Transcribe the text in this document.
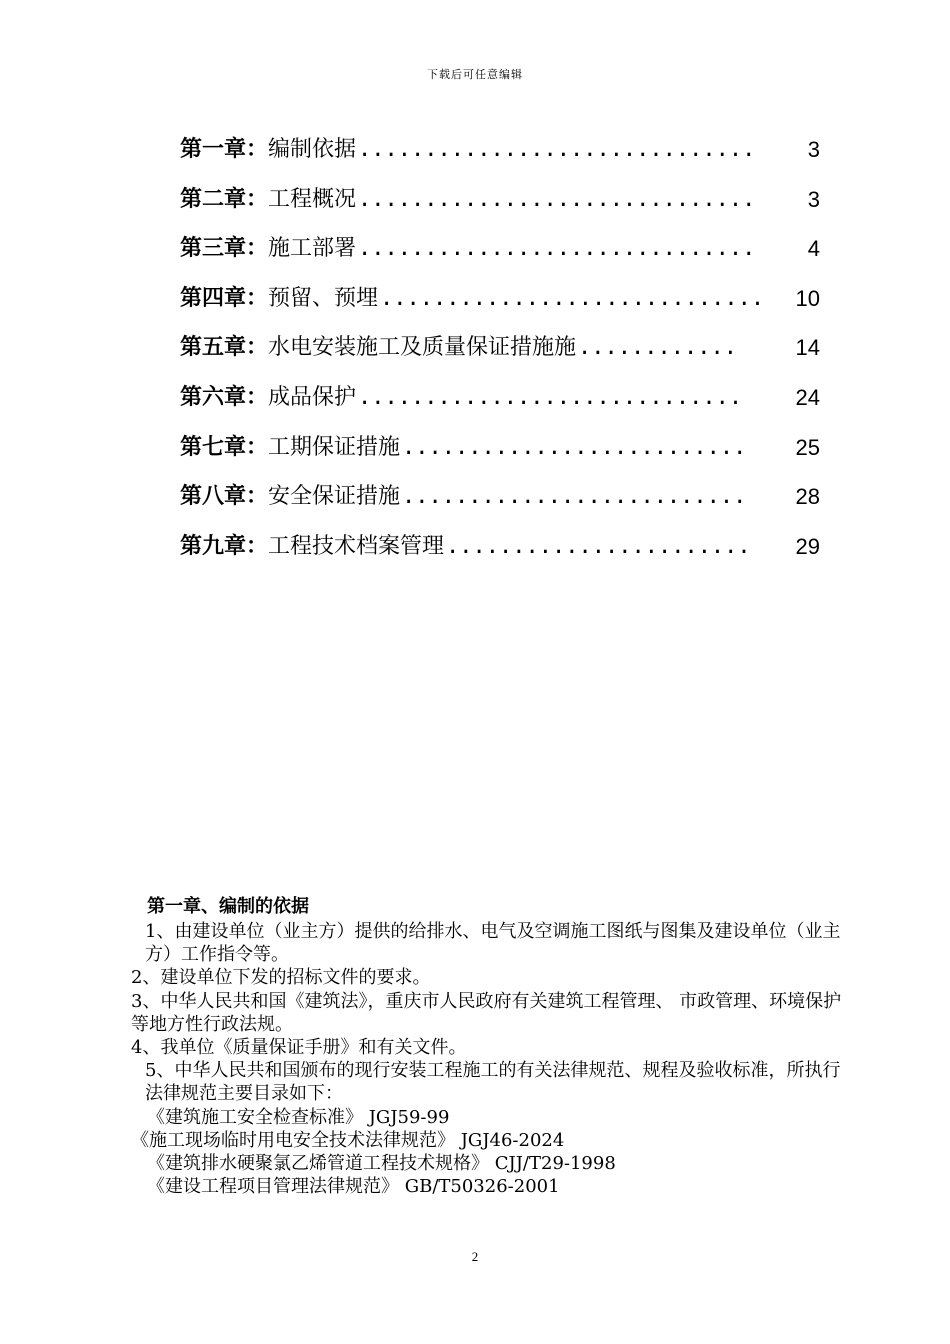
下载后可任意编辑
第一章： 编制依据 ..............................	3
第二章： 工程概况 ..............................	3
第三章： 施工部署 ..............................	4
第四章： 预留、预埋 .............................	10
第五章： 水电安装施工及质量保证措施施 ............	14
第六章： 成品保护 .............................	24
第七章： 工期保证措施 ..........................	25
第八章： 安全保证措施 ..........................	28
第九章： 工程技术档案管理 .......................	29
第一章、编制的依据

1、由建设单位（业主方）提供的给排水、电气及空调施工图纸与图集及建设单位（业主方）工作指令等。

2、建设单位下发的招标文件的要求。

3、中华人民共和国《建筑法》，重庆市人民政府有关建筑工程管理、 市政管理、环境保护等地方性行政法规。

4、我单位《质量保证手册》和有关文件。

5、中华人民共和国颁布的现行安装工程施工的有关法律规范、规程及验收标准，所执行法律规范主要目录如下：

《建筑施工安全检查标准》 JGJ59-99

《施工现场临时用电安全技术法律规范》 JGJ46-2024

《建筑排水硬聚氯乙烯管道工程技术规格》 CJJ/T29-1998

《建设工程项目管理法律规范》 GB/T50326-2001

2
